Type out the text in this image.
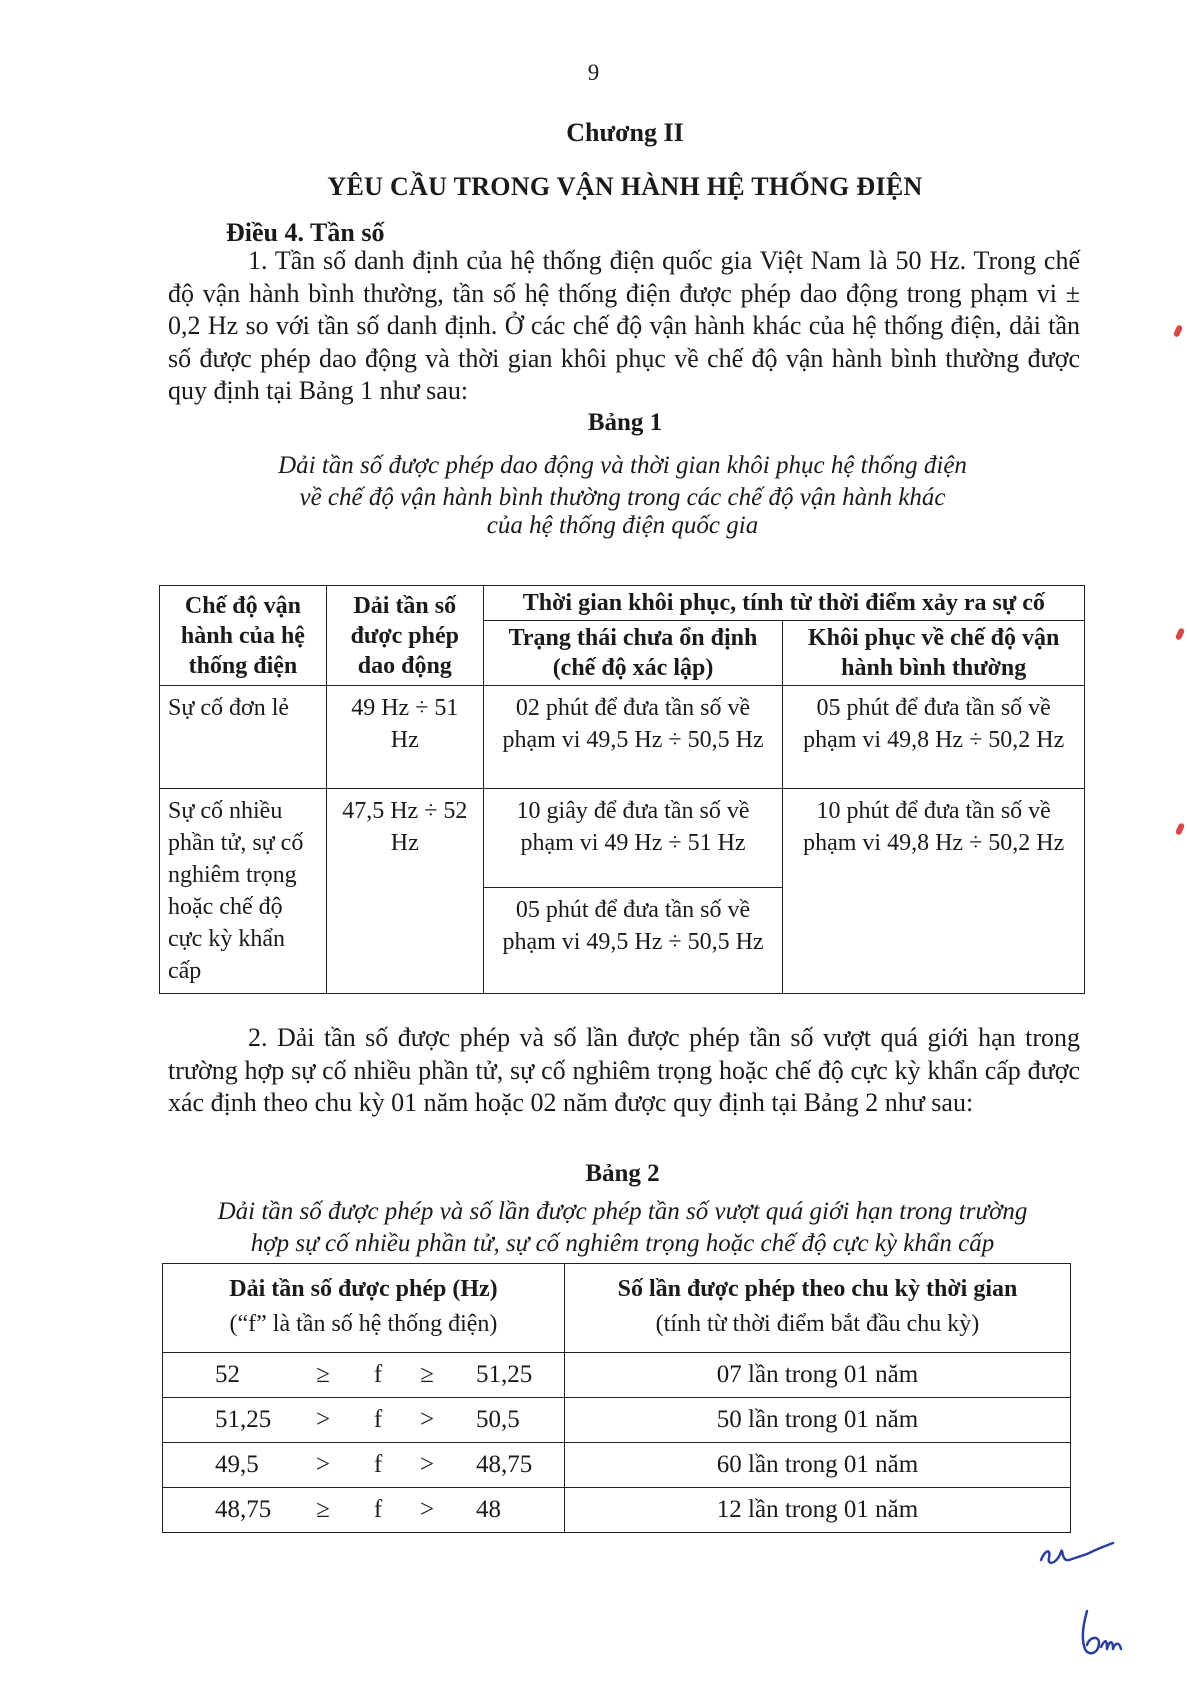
9
Chương II
YÊU CẦU TRONG VẬN HÀNH HỆ THỐNG ĐIỆN
Điều 4. Tần số
1. Tần số danh định của hệ thống điện quốc gia Việt Nam là 50 Hz. Trong chế độ vận hành bình thường, tần số hệ thống điện được phép dao động trong phạm vi ± 0,2 Hz so với tần số danh định. Ở các chế độ vận hành khác của hệ thống điện, dải tần số được phép dao động và thời gian khôi phục về chế độ vận hành bình thường được quy định tại Bảng 1 như sau:
Bảng 1
Dải tần số được phép dao động và thời gian khôi phục hệ thống điện
về chế độ vận hành bình thường trong các chế độ vận hành khác
của hệ thống điện quốc gia
Chế độ vận hành của hệ thống điện	Dải tần số được phép dao động	Thời gian khôi phục, tính từ thời điểm xảy ra sự cố	
		Trạng thái chưa ổn định (chế độ xác lập)	Khôi phục về chế độ vận hành bình thường
Sự cố đơn lẻ	49 Hz ÷ 51 Hz	02 phút để đưa tần số về phạm vi 49,5 Hz ÷ 50,5 Hz	05 phút để đưa tần số về phạm vi 49,8 Hz ÷ 50,2 Hz
Sự cố nhiều phần tử, sự cố nghiêm trọng hoặc chế độ cực kỳ khẩn cấp	47,5 Hz ÷ 52 Hz	10 giây để đưa tần số về phạm vi 49 Hz ÷ 51 Hz	10 phút để đưa tần số về phạm vi 49,8 Hz ÷ 50,2 Hz
		05 phút để đưa tần số về phạm vi 49,5 Hz ÷ 50,5 Hz	
2. Dải tần số được phép và số lần được phép tần số vượt quá giới hạn trong trường hợp sự cố nhiều phần tử, sự cố nghiêm trọng hoặc chế độ cực kỳ khẩn cấp được xác định theo chu kỳ 01 năm hoặc 02 năm được quy định tại Bảng 2 như sau:
Bảng 2
Dải tần số được phép và số lần được phép tần số vượt quá giới hạn trong trường
hợp sự cố nhiều phần tử, sự cố nghiêm trọng hoặc chế độ cực kỳ khẩn cấp
Dải tần số được phép (Hz)
(“f” là tần số hệ thống điện)	Số lần được phép theo chu kỳ thời gian
(tính từ thời điểm bắt đầu chu kỳ)

52 ≥ f ≥ 51,25	07 lần trong 01 năm

51,25 > f > 50,5	50 lần trong 01 năm

49,5 > f > 48,75	60 lần trong 01 năm

48,75 ≥ f > 48	12 lần trong 01 năm
